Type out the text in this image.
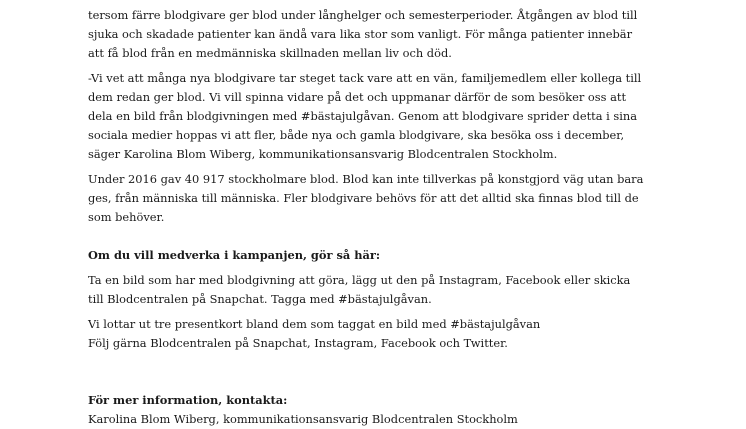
tersom färre blodgivare ger blod under långhelger och semesterperioder. Åtgången av blod till
sjuka och skadade patienter kan ändå vara lika stor som vanligt. För många patienter innebär
att få blod från en medmänniska skillnaden mellan liv och död.

-Vi vet att många nya blodgivare tar steget tack vare att en vän, familjemedlem eller kollega till
dem redan ger blod. Vi vill spinna vidare på det och uppmanar därför de som besöker oss att
dela en bild från blodgivningen med #bästajulgåvan. Genom att blodgivare sprider detta i sina
sociala medier hoppas vi att fler, både nya och gamla blodgivare, ska besöka oss i december,
säger Karolina Blom Wiberg, kommunikationsansvarig Blodcentralen Stockholm.

Under 2016 gav 40 917 stockholmare blod. Blod kan inte tillverkas på konstgjord väg utan bara
ges, från människa till människa. Fler blodgivare behövs för att det alltid ska finnas blod till de
som behöver.

Om du vill medverka i kampanjen, gör så här:

Ta en bild som har med blodgivning att göra, lägg ut den på Instagram, Facebook eller skicka
till Blodcentralen på Snapchat. Tagga med #bästajulgåvan.

Vi lottar ut tre presentkort bland dem som taggat en bild med #bästajulgåvan
Följ gärna Blodcentralen på Snapchat, Instagram, Facebook och Twitter.

För mer information, kontakta:

Karolina Blom Wiberg, kommunikationsansvarig Blodcentralen Stockholm
